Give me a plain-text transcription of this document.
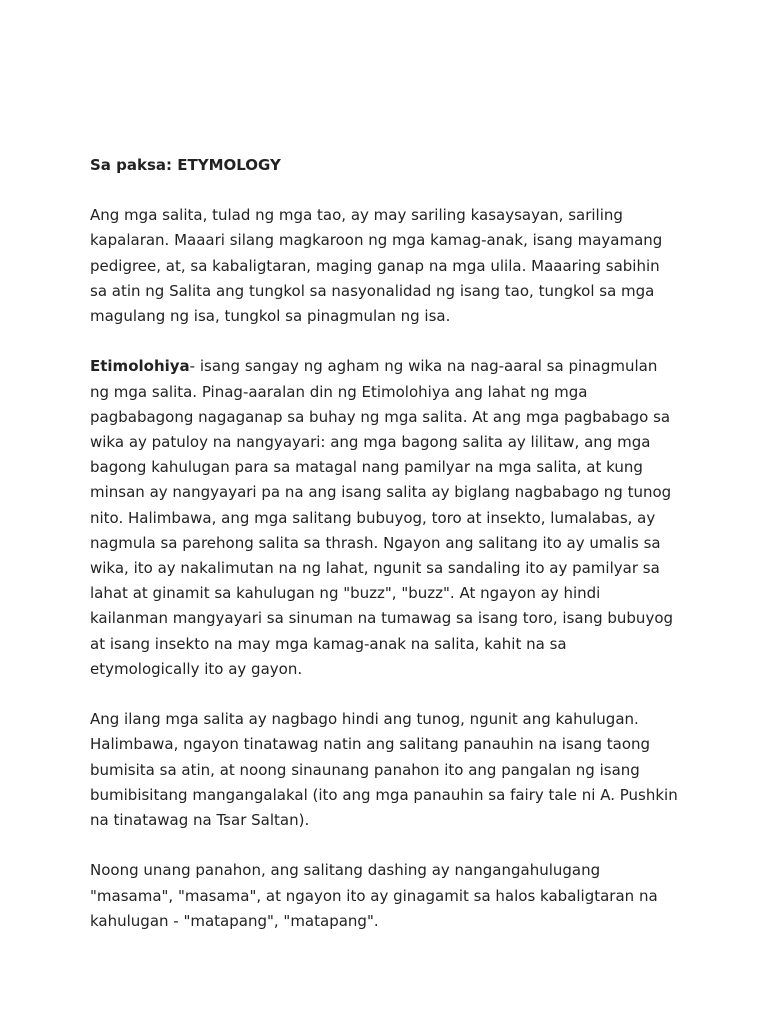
Sa paksa: ETYMOLOGY

Ang mga salita, tulad ng mga tao, ay may sariling kasaysayan, sariling kapalaran. Maaari silang magkaroon ng mga kamag-anak, isang mayamang pedigree, at, sa kabaligtaran, maging ganap na mga ulila. Maaaring sabihin sa atin ng Salita ang tungkol sa nasyonalidad ng isang tao, tungkol sa mga magulang ng isa, tungkol sa pinagmulan ng isa.

Etimolohiya- isang sangay ng agham ng wika na nag-aaral sa pinagmulan ng mga salita. Pinag-aaralan din ng Etimolohiya ang lahat ng mga pagbabagong nagaganap sa buhay ng mga salita. At ang mga pagbabago sa wika ay patuloy na nangyayari: ang mga bagong salita ay lilitaw, ang mga bagong kahulugan para sa matagal nang pamilyar na mga salita, at kung minsan ay nangyayari pa na ang isang salita ay biglang nagbabago ng tunog nito. Halimbawa, ang mga salitang bubuyog, toro at insekto, lumalabas, ay nagmula sa parehong salita sa thrash. Ngayon ang salitang ito ay umalis sa wika, ito ay nakalimutan na ng lahat, ngunit sa sandaling ito ay pamilyar sa lahat at ginamit sa kahulugan ng "buzz", "buzz". At ngayon ay hindi kailanman mangyayari sa sinuman na tumawag sa isang toro, isang bubuyog at isang insekto na may mga kamag-anak na salita, kahit na sa etymologically ito ay gayon.

Ang ilang mga salita ay nagbago hindi ang tunog, ngunit ang kahulugan. Halimbawa, ngayon tinatawag natin ang salitang panauhin na isang taong bumisita sa atin, at noong sinaunang panahon ito ang pangalan ng isang bumibisitang mangangalakal (ito ang mga panauhin sa fairy tale ni A. Pushkin na tinatawag na Tsar Saltan).

Noong unang panahon, ang salitang dashing ay nangangahulugang "masama", "masama", at ngayon ito ay ginagamit sa halos kabaligtaran na kahulugan - "matapang", "matapang".
